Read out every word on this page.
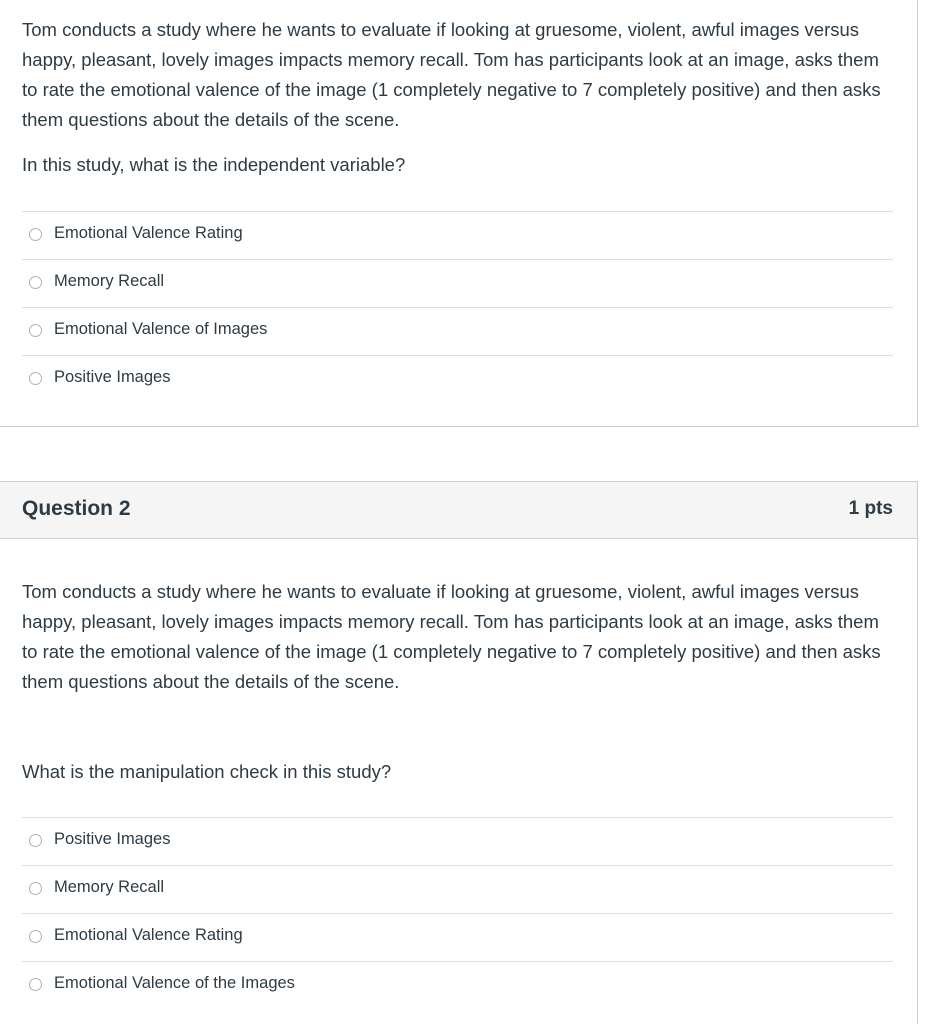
Tom conducts a study where he wants to evaluate if looking at gruesome, violent, awful images versus happy, pleasant, lovely images impacts memory recall. Tom has participants look at an image, asks them to rate the emotional valence of the image (1 completely negative to 7 completely positive) and then asks them questions about the details of the scene.

In this study, what is the independent variable?

Emotional Valence Rating
Memory Recall
Emotional Valence of Images
Positive Images
Question 2	1 pts

Tom conducts a study where he wants to evaluate if looking at gruesome, violent, awful images versus happy, pleasant, lovely images impacts memory recall. Tom has participants look at an image, asks them to rate the emotional valence of the image (1 completely negative to 7 completely positive) and then asks them questions about the details of the scene.

What is the manipulation check in this study?

Positive Images
Memory Recall
Emotional Valence Rating
Emotional Valence of the Images
